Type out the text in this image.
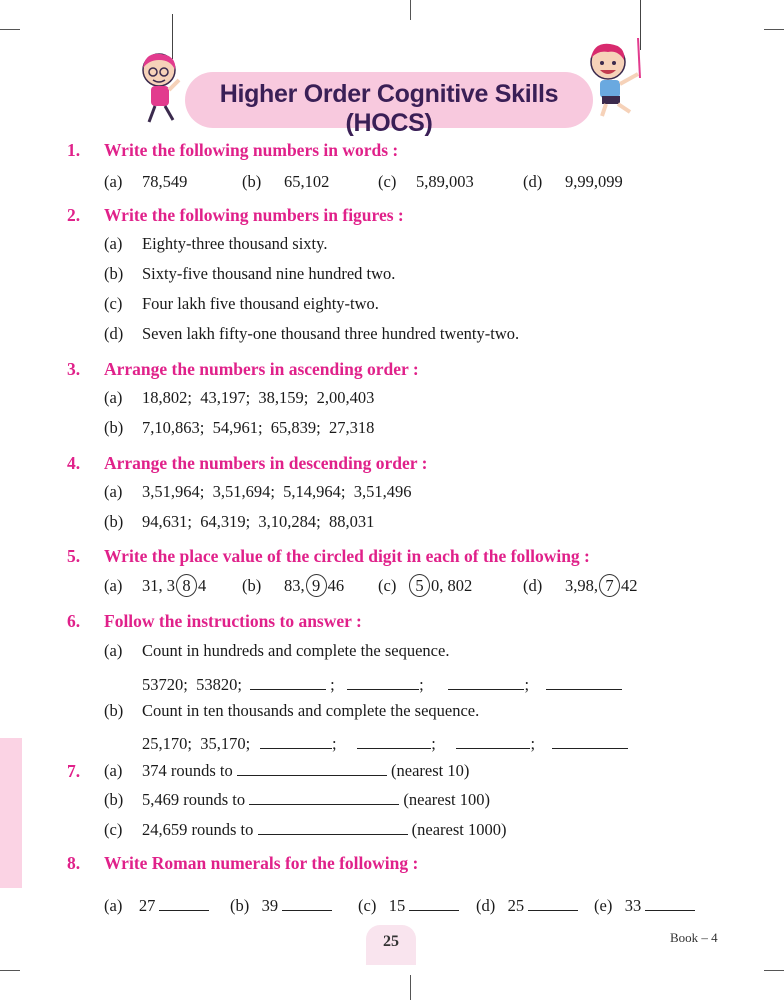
Higher Order Cognitive Skills (HOCS)
1. Write the following numbers in words :
(a) 78,549	(b) 65,102	(c) 5,89,003	(d) 9,99,099
2. Write the following numbers in figures :
(a) Eighty-three thousand sixty.
(b) Sixty-five thousand nine hundred two.
(c) Four lakh five thousand eighty-two.
(d) Seven lakh fifty-one thousand three hundred twenty-two.
3. Arrange the numbers in ascending order :
(a) 18,802;  43,197;  38,159;  2,00,403
(b) 7,10,863;  54,961;  65,839;  27,318
4. Arrange the numbers in descending order :
(a) 3,51,964;  3,51,694;  5,14,964;  3,51,496
(b) 94,631;  64,319;  3,10,284;  88,031
5. Write the place value of the circled digit in each of the following :
(a) 31, 3 8 4 (b) 83, 9 46 (c)	5 0, 802	(d) 3,98, 7 42
6. Follow the instructions to answer :
(a) Count in hundreds and complete the sequence.
53720;  53820;	;	;	;
(b) Count in ten thousands and complete the sequence.
25,170;  35,170;	;	;	;
7. (a) 374 rounds to	(nearest 10)
(b) 5,469 rounds to	(nearest 100)
(c) 24,659 rounds to	(nearest 1000)
8. Write Roman numerals for the following :
(a) 27	(b) 39	(c) 15	(d) 25	(e) 33
25	Book – 4
